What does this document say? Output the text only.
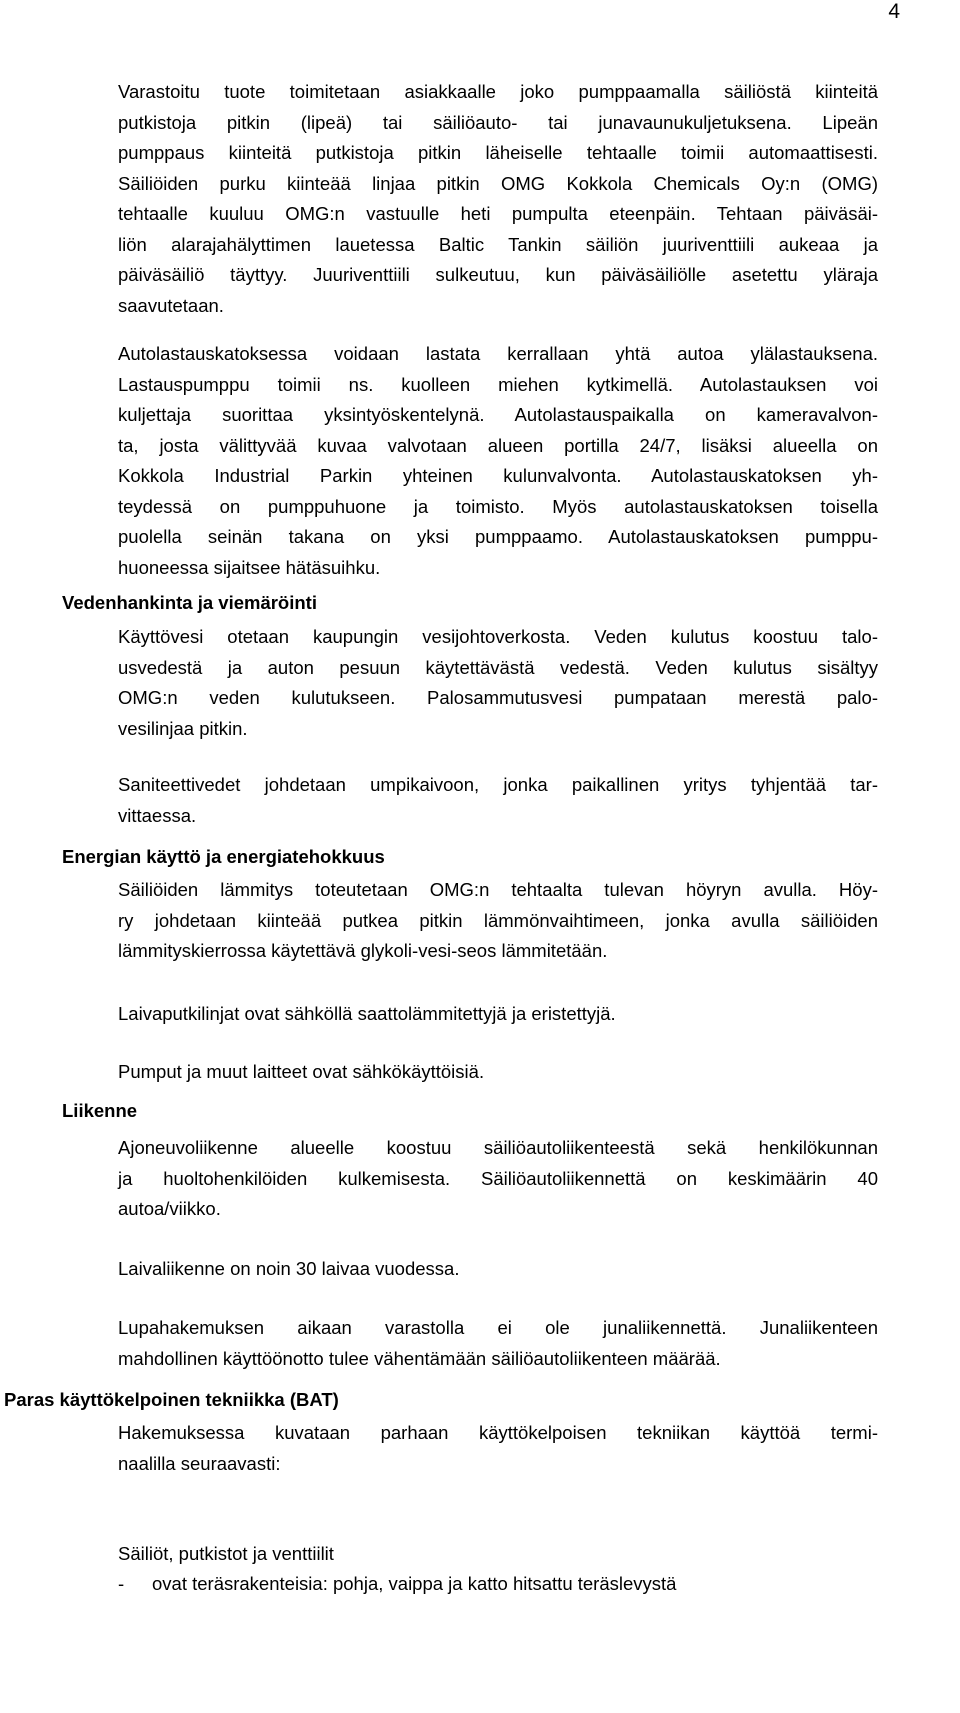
4
Varastoitu tuote toimitetaan asiakkaalle joko pumppaamalla säiliöstä kiinteitä
putkistoja pitkin (lipeä) tai säiliöauto- tai junavaunukuljetuksena. Lipeän
pumppaus kiinteitä putkistoja pitkin läheiselle tehtaalle toimii automaattisesti.
Säiliöiden purku kiinteää linjaa pitkin OMG Kokkola Chemicals Oy:n (OMG)
tehtaalle kuuluu OMG:n vastuulle heti pumpulta eteenpäin. Tehtaan päiväsäi-
liön alarajahälyttimen lauetessa Baltic Tankin säiliön juuriventtiili aukeaa ja
päiväsäiliö täyttyy. Juuriventtiili sulkeutuu, kun päiväsäiliölle asetettu yläraja
saavutetaan.
Autolastauskatoksessa voidaan lastata kerrallaan yhtä autoa ylälastauksena.
Lastauspumppu toimii ns. kuolleen miehen kytkimellä. Autolastauksen voi
kuljettaja suorittaa yksintyöskentelynä. Autolastauspaikalla on kameravalvon-
ta, josta välittyvää kuvaa valvotaan alueen portilla 24/7, lisäksi alueella on
Kokkola Industrial Parkin yhteinen kulunvalvonta. Autolastauskatoksen yh-
teydessä on pumppuhuone ja toimisto. Myös autolastauskatoksen toisella
puolella seinän takana on yksi pumppaamo. Autolastauskatoksen pumppu-
huoneessa sijaitsee hätäsuihku.
Vedenhankinta ja viemäröinti
Käyttövesi otetaan kaupungin vesijohtoverkosta. Veden kulutus koostuu talo-
usvedestä ja auton pesuun käytettävästä vedestä. Veden kulutus sisältyy
OMG:n veden kulutukseen. Palosammutusvesi pumpataan merestä palo-
vesilinjaa pitkin.
Saniteettivedet johdetaan umpikaivoon, jonka paikallinen yritys tyhjentää tar-
vittaessa.
Energian käyttö ja energiatehokkuus
Säiliöiden lämmitys toteutetaan OMG:n tehtaalta tulevan höyryn avulla. Höy-
ry johdetaan kiinteää putkea pitkin lämmönvaihtimeen, jonka avulla säiliöiden
lämmityskierrossa käytettävä glykoli-vesi-seos lämmitetään.
Laivaputkilinjat ovat sähköllä saattolämmitettyjä ja eristettyjä.
Pumput ja muut laitteet ovat sähkökäyttöisiä.
Liikenne
Ajoneuvoliikenne alueelle koostuu säiliöautoliikenteestä sekä henkilökunnan
ja huoltohenkilöiden kulkemisesta. Säiliöautoliikennettä on keskimäärin 40
autoa/viikko.
Laivaliikenne on noin 30 laivaa vuodessa.
Lupahakemuksen aikaan varastolla ei ole junaliikennettä. Junaliikenteen
mahdollinen käyttöönotto tulee vähentämään säiliöautoliikenteen määrää.
Paras käyttökelpoinen tekniikka (BAT)
Hakemuksessa kuvataan parhaan käyttökelpoisen tekniikan käyttöä termi-
naalilla seuraavasti:
Säiliöt, putkistot ja venttiilit
- ovat teräsrakenteisia: pohja, vaippa ja katto hitsattu teräslevystä
